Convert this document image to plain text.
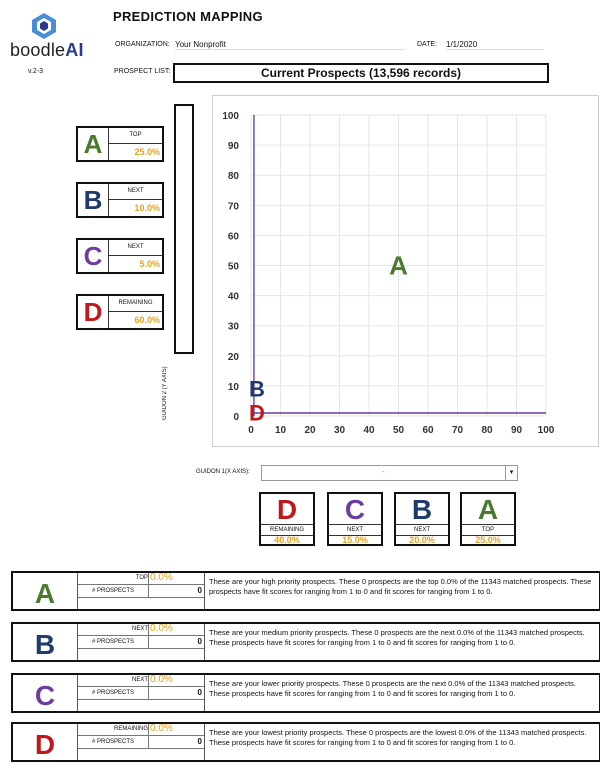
boodleAI
v.2-3
PREDICTION MAPPING
ORGANIZATION: Your Nonprofit	DATE: 1/1/2020
PROSPECT LIST:	Current Prospects (13,596 records)
A	TOP
25.0%
B	NEXT
10.0%
C	NEXT
5.0%
D	REMAINING
60.0%
GUIDON 2 (Y AXIS)	0
10
20
30
40
50
60
70
80
90
100
0 10 20 30 40 50 60 70 80 90 100
A
B
D
GUIDON 1(X AXIS):	-	▾
D
REMAINING
40.0%
C
NEXT
15.0%
B
NEXT
20.0%
A
TOP
25.0%
A	TOP 0.0%
# PROSPECTS	0
These are your high priority prospects. These 0 prospects are the top 0.0% of the 11343 matched prospects. These prospects have fit scores for ranging from 1 to 0 and fit scores for ranging from 1 to 0.
B	NEXT 0.0%
# PROSPECTS	0
These are your medium priority prospects. These 0 prospects are the next 0.0% of the 11343 matched prospects. These prospects have fit scores for ranging from 1 to 0 and fit scores for ranging from 1 to 0.
C	NEXT 0.0%
# PROSPECTS	0
These are your lower priority prospects. These 0 prospects are the next 0.0% of the 11343 matched prospects. These prospects have fit scores for ranging from 1 to 0 and fit scores for ranging from 1 to 0.
D	REMAINING 0.0%
# PROSPECTS	0
These are your lowest priority prospects. These 0 prospects are the lowest 0.0% of the 11343 matched prospects. These prospects have fit scores for ranging from 1 to 0 and fit scores for ranging from 1 to 0.
